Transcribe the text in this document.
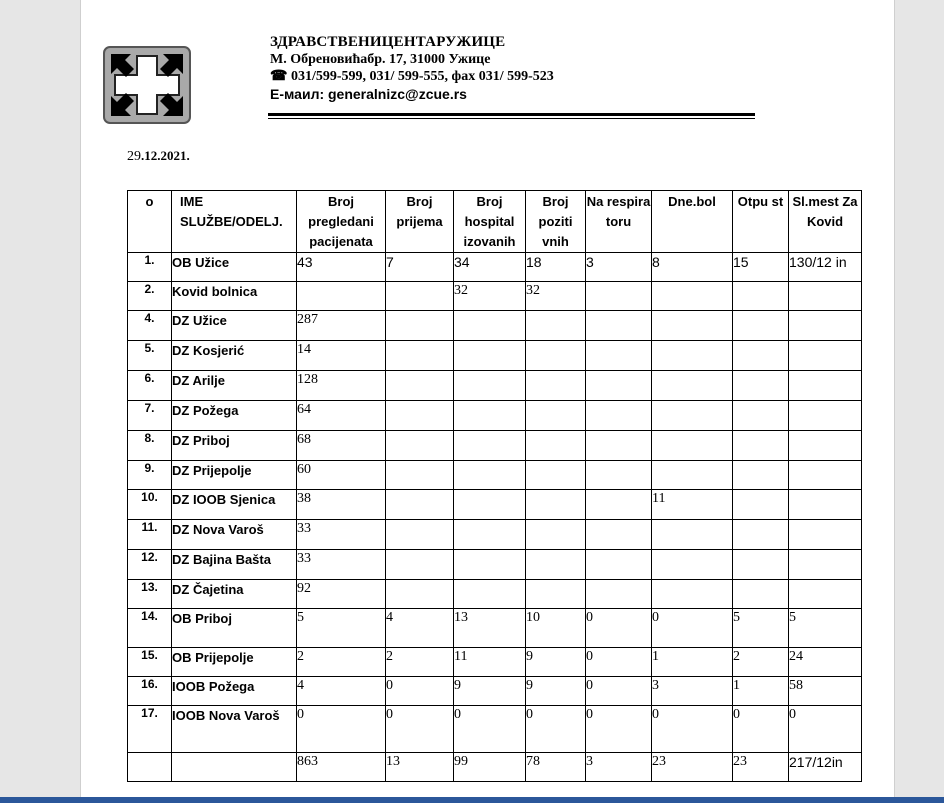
ЗДРАВСТВЕНИЦЕНТАРУЖИЦЕ
М. Обреновићабр. 17, 31000 Ужице
☎ 031/599-599, 031/ 599-555, фах 031/ 599-523
Е-маил: generalnizc@zcue.rs
29.12.2021.
o	IME SLUŽBE/ODELJ.	Broj pregledani pacijenata	Broj prijema	Broj hospital izovanih	Broj poziti vnih	Na respira toru	Dne.bol	Otpu st	Sl.mest Za Kovid
1.	OB Užice	43	7	34	18	3	8	15	130/12 in
2.	Kovid bolnica			32	32				
4.	DZ Užice	287							
5.	DZ Kosjerić	14							
6.	DZ Arilje	128							
7.	DZ Požega	64							
8.	DZ Priboj	68							
9.	DZ Prijepolje	60							
10.	DZ IOOB Sjenica	38					11		
11.	DZ Nova Varoš	33							
12.	DZ Bajina Bašta	33							
13.	DZ Čajetina	92							
14.	OB Priboj	5	4	13	10	0	0	5	5
15.	OB Prijepolje	2	2	11	9	0	1	2	24
16.	IOOB Požega	4	0	9	9	0	3	1	58
17.	IOOB Nova Varoš	0	0	0	0	0	0	0	0
		863	13	99	78	3	23	23	217/12in
